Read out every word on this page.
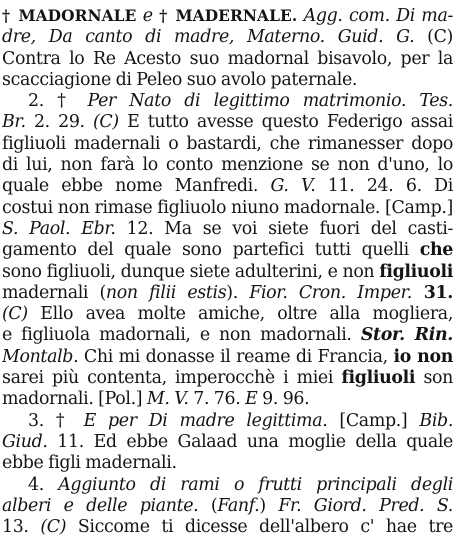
† MADORNALE e † MADERNALE. Agg. com. Di ma-
dre, Da canto di madre, Materno. Guid. G. (C)
Contra lo Re Acesto suo madornal bisavolo, per la
scacciagione di Peleo suo avolo paternale.
2. † Per Nato di legittimo matrimonio. Tes.
Br. 2. 29. (C) E tutto avesse questo Federigo assai
figliuoli madernali o bastardi, che rimanesser dopo
di lui, non farà lo conto menzione se non d'uno, lo
quale ebbe nome Manfredi. G. V. 11. 24. 6. Di
costui non rimase figliuolo niuno madornale. [Camp.]
S. Paol. Ebr. 12. Ma se voi siete fuori del casti-
gamento del quale sono partefici tutti quelli che
sono figliuoli, dunque siete adulterini, e non figliuoli
madernali (non filii estis). Fior. Cron. Imper. 31.
(C) Ello avea molte amiche, oltre alla mogliera,
e figliuola madornali, e non madornali. Stor. Rin.
Montalb. Chi mi donasse il reame di Francia, io non
sarei più contenta, imperocchè i miei figliuoli son
madornali. [Pol.] M. V. 7. 76. E 9. 96.
3. † E per Di madre legittima. [Camp.] Bib.
Giud. 11. Ed ebbe Galaad una moglie della quale
ebbe figli madernali.
4. Aggiunto di rami o frutti principali degli
alberi e delle piante. (Fanf.) Fr. Giord. Pred. S.
13. (C) Siccome ti dicesse dell'albero c' hae tre
